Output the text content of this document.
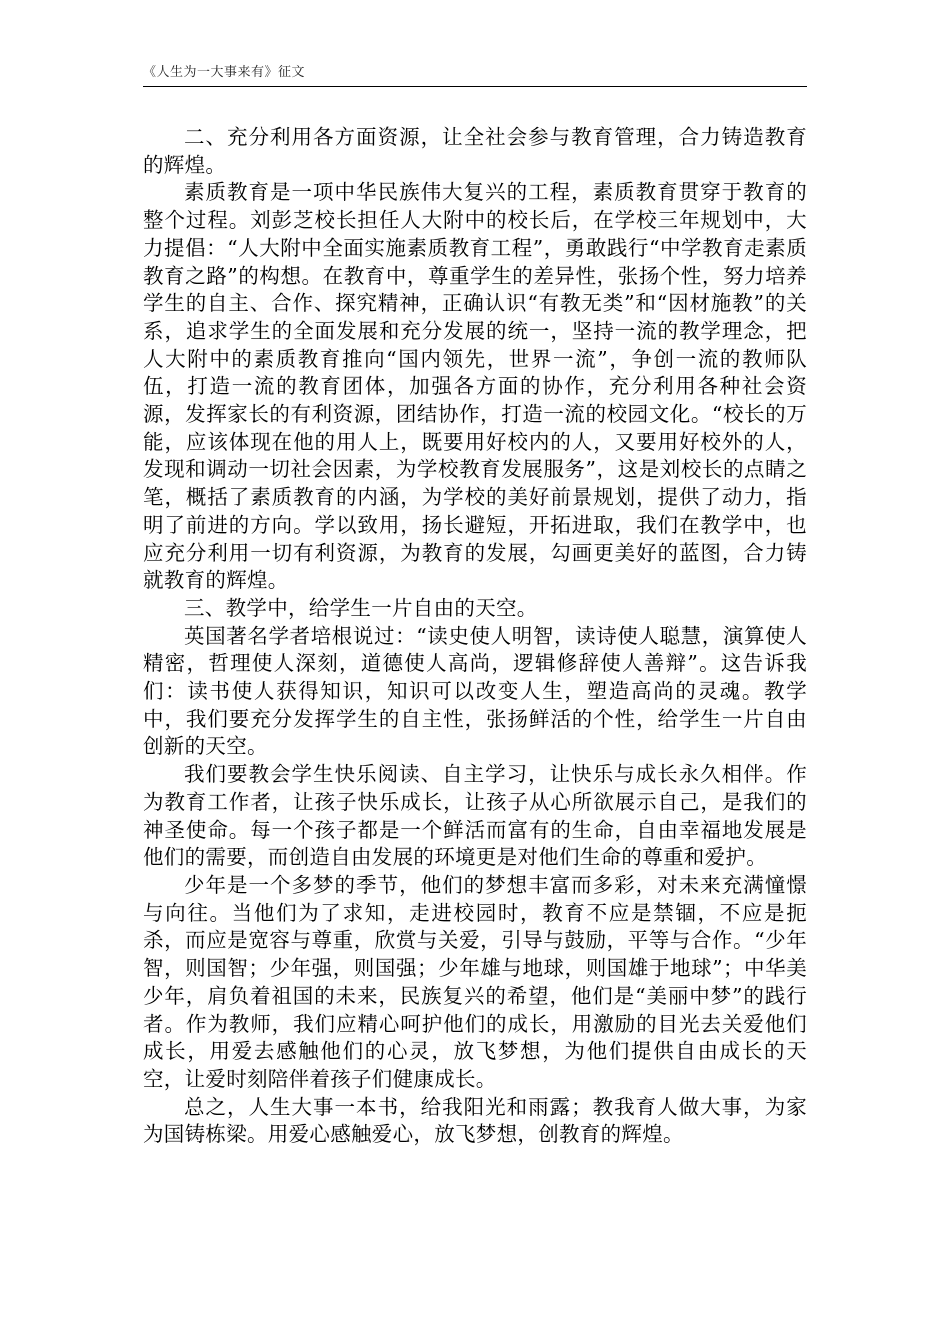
《人生为一大事来有》征文

二、充分利用各方面资源，让全社会参与教育管理，合力铸造教育的辉煌。

素质教育是一项中华民族伟大复兴的工程，素质教育贯穿于教育的整个过程。刘彭芝校长担任人大附中的校长后，在学校三年规划中，大力提倡：“人大附中全面实施素质教育工程”，勇敢践行“中学教育走素质教育之路”的构想。在教育中，尊重学生的差异性，张扬个性，努力培养学生的自主、合作、探究精神，正确认识“有教无类”和“因材施教”的关系，追求学生的全面发展和充分发展的统一，坚持一流的教学理念，把人大附中的素质教育推向“国内领先，世界一流”，争创一流的教师队伍，打造一流的教育团体，加强各方面的协作，充分利用各种社会资源，发挥家长的有利资源，团结协作，打造一流的校园文化。“校长的万能，应该体现在他的用人上，既要用好校内的人，又要用好校外的人，发现和调动一切社会因素，为学校教育发展服务”，这是刘校长的点睛之笔，概括了素质教育的内涵，为学校的美好前景规划，提供了动力，指明了前进的方向。学以致用，扬长避短，开拓进取，我们在教学中，也应充分利用一切有利资源，为教育的发展，勾画更美好的蓝图，合力铸就教育的辉煌。

三、教学中，给学生一片自由的天空。

英国著名学者培根说过：“读史使人明智，读诗使人聪慧，演算使人精密，哲理使人深刻，道德使人高尚，逻辑修辞使人善辩”。这告诉我们：读书使人获得知识，知识可以改变人生，塑造高尚的灵魂。教学中，我们要充分发挥学生的自主性，张扬鲜活的个性，给学生一片自由创新的天空。

我们要教会学生快乐阅读、自主学习，让快乐与成长永久相伴。作为教育工作者，让孩子快乐成长，让孩子从心所欲展示自己，是我们的神圣使命。每一个孩子都是一个鲜活而富有的生命，自由幸福地发展是他们的需要，而创造自由发展的环境更是对他们生命的尊重和爱护。

少年是一个多梦的季节，他们的梦想丰富而多彩，对未来充满憧憬与向往。当他们为了求知，走进校园时，教育不应是禁锢，不应是扼杀，而应是宽容与尊重，欣赏与关爱，引导与鼓励，平等与合作。“少年智，则国智；少年强，则国强；少年雄与地球，则国雄于地球”；中华美少年，肩负着祖国的未来，民族复兴的希望，他们是“美丽中梦”的践行者。作为教师，我们应精心呵护他们的成长，用激励的目光去关爱他们成长，用爱去感触他们的心灵，放飞梦想，为他们提供自由成长的天空，让爱时刻陪伴着孩子们健康成长。

总之，人生大事一本书，给我阳光和雨露；教我育人做大事，为家为国铸栋梁。用爱心感触爱心，放飞梦想，创教育的辉煌。
